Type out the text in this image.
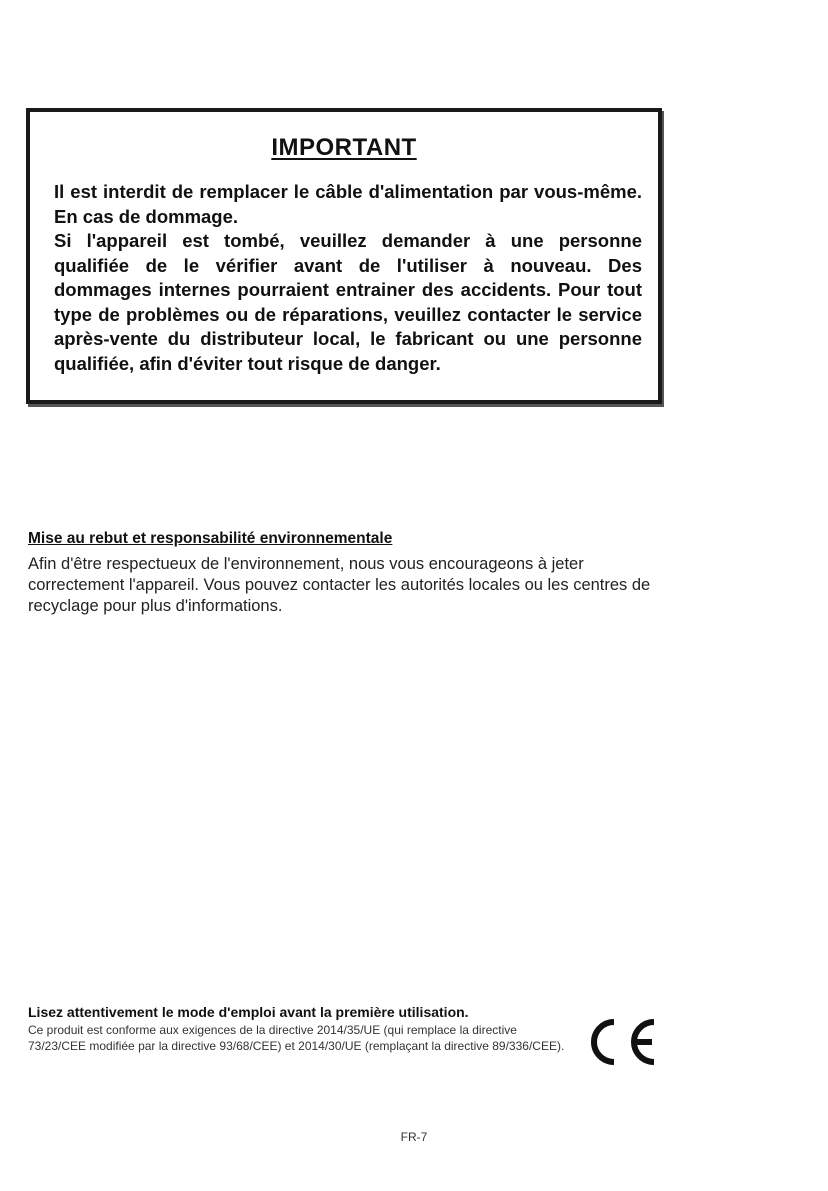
IMPORTANT

Il est interdit de remplacer le câble d'alimentation par vous-même. En cas de dommage.

Si l'appareil est tombé, veuillez demander à une personne qualifiée de le vérifier avant de l'utiliser à nouveau. Des dommages internes pourraient entrainer des accidents. Pour tout type de problèmes ou de réparations, veuillez contacter le service après-vente du distributeur local, le fabricant ou une personne qualifiée, afin d'éviter tout risque de danger.

Mise au rebut et responsabilité environnementale

Afin d'être respectueux de l'environnement, nous vous encourageons à jeter correctement l'appareil. Vous pouvez contacter les autorités locales ou les centres de recyclage pour plus d'informations.

Lisez attentivement le mode d'emploi avant la première utilisation.

Ce produit est conforme aux exigences de la directive 2014/35/UE (qui remplace la directive 73/23/CEE modifiée par la directive 93/68/CEE) et 2014/30/UE (remplaçant la directive 89/336/CEE).

FR-7
